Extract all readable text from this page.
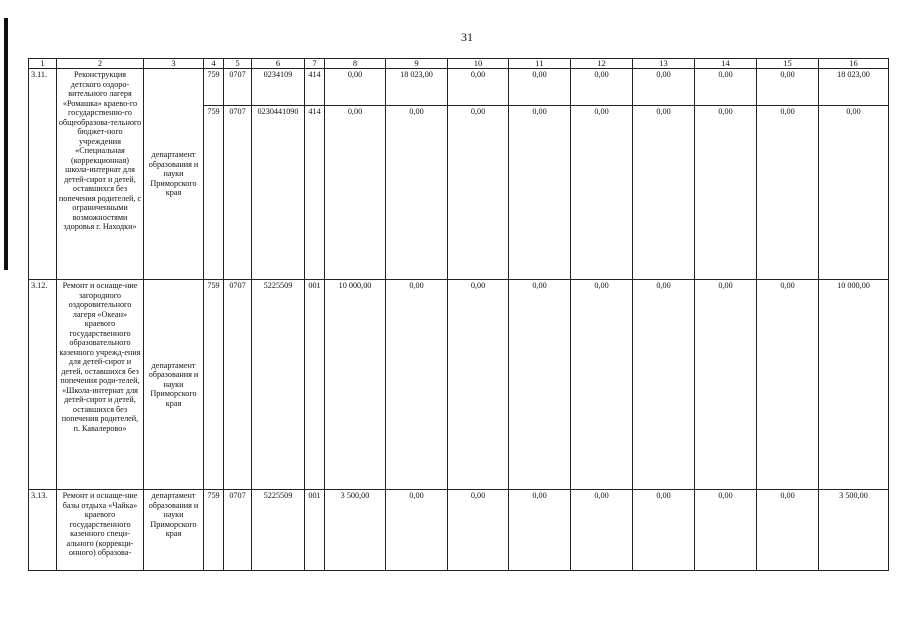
31
1	2	3	4	5	6	7	8	9	10	11	12	13	14	15	16
3.11.	Реконструкция детского оздоро-вительного лагеря «Ромашка» краево-го государственно-го общеобразова-тельного бюджет-ного учреждения «Специальная (коррекционная) школа-интернат для детей-сирот и детей, оставшихся без попечения родителей, с ограниченными возможностями здоровья г. Находки»	департамент образования и науки Приморского края	759	0707	0234109	414	0,00	18 023,00	0,00	0,00	0,00	0,00	0,00	0,00	18 023,00
			759	0707	0230441090	414	0,00	0,00	0,00	0,00	0,00	0,00	0,00	0,00	0,00
3.12.	Ремонт и оснаще-ние загородного оздоровительного лагеря «Океан» краевого государственного образовательного казенного учрежд-ения для детей-сирот и детей, оставшихся без попечения роди-телей, «Школа-интернат для детей-сирот и детей, оставшихся без попечения родителей, п. Кавалерово»	департамент образования и науки Приморского края	759	0707	5225509	001	10 000,00	0,00	0,00	0,00	0,00	0,00	0,00	0,00	10 000,00
3.13.	Ремонт и оснаще-ние базы отдыха «Чайка» краевого государственного казенного специ-ального (коррекци-онного) образова-	департамент образования и науки Приморского края	759	0707	5225509	001	3 500,00	0,00	0,00	0,00	0,00	0,00	0,00	0,00	3 500,00
